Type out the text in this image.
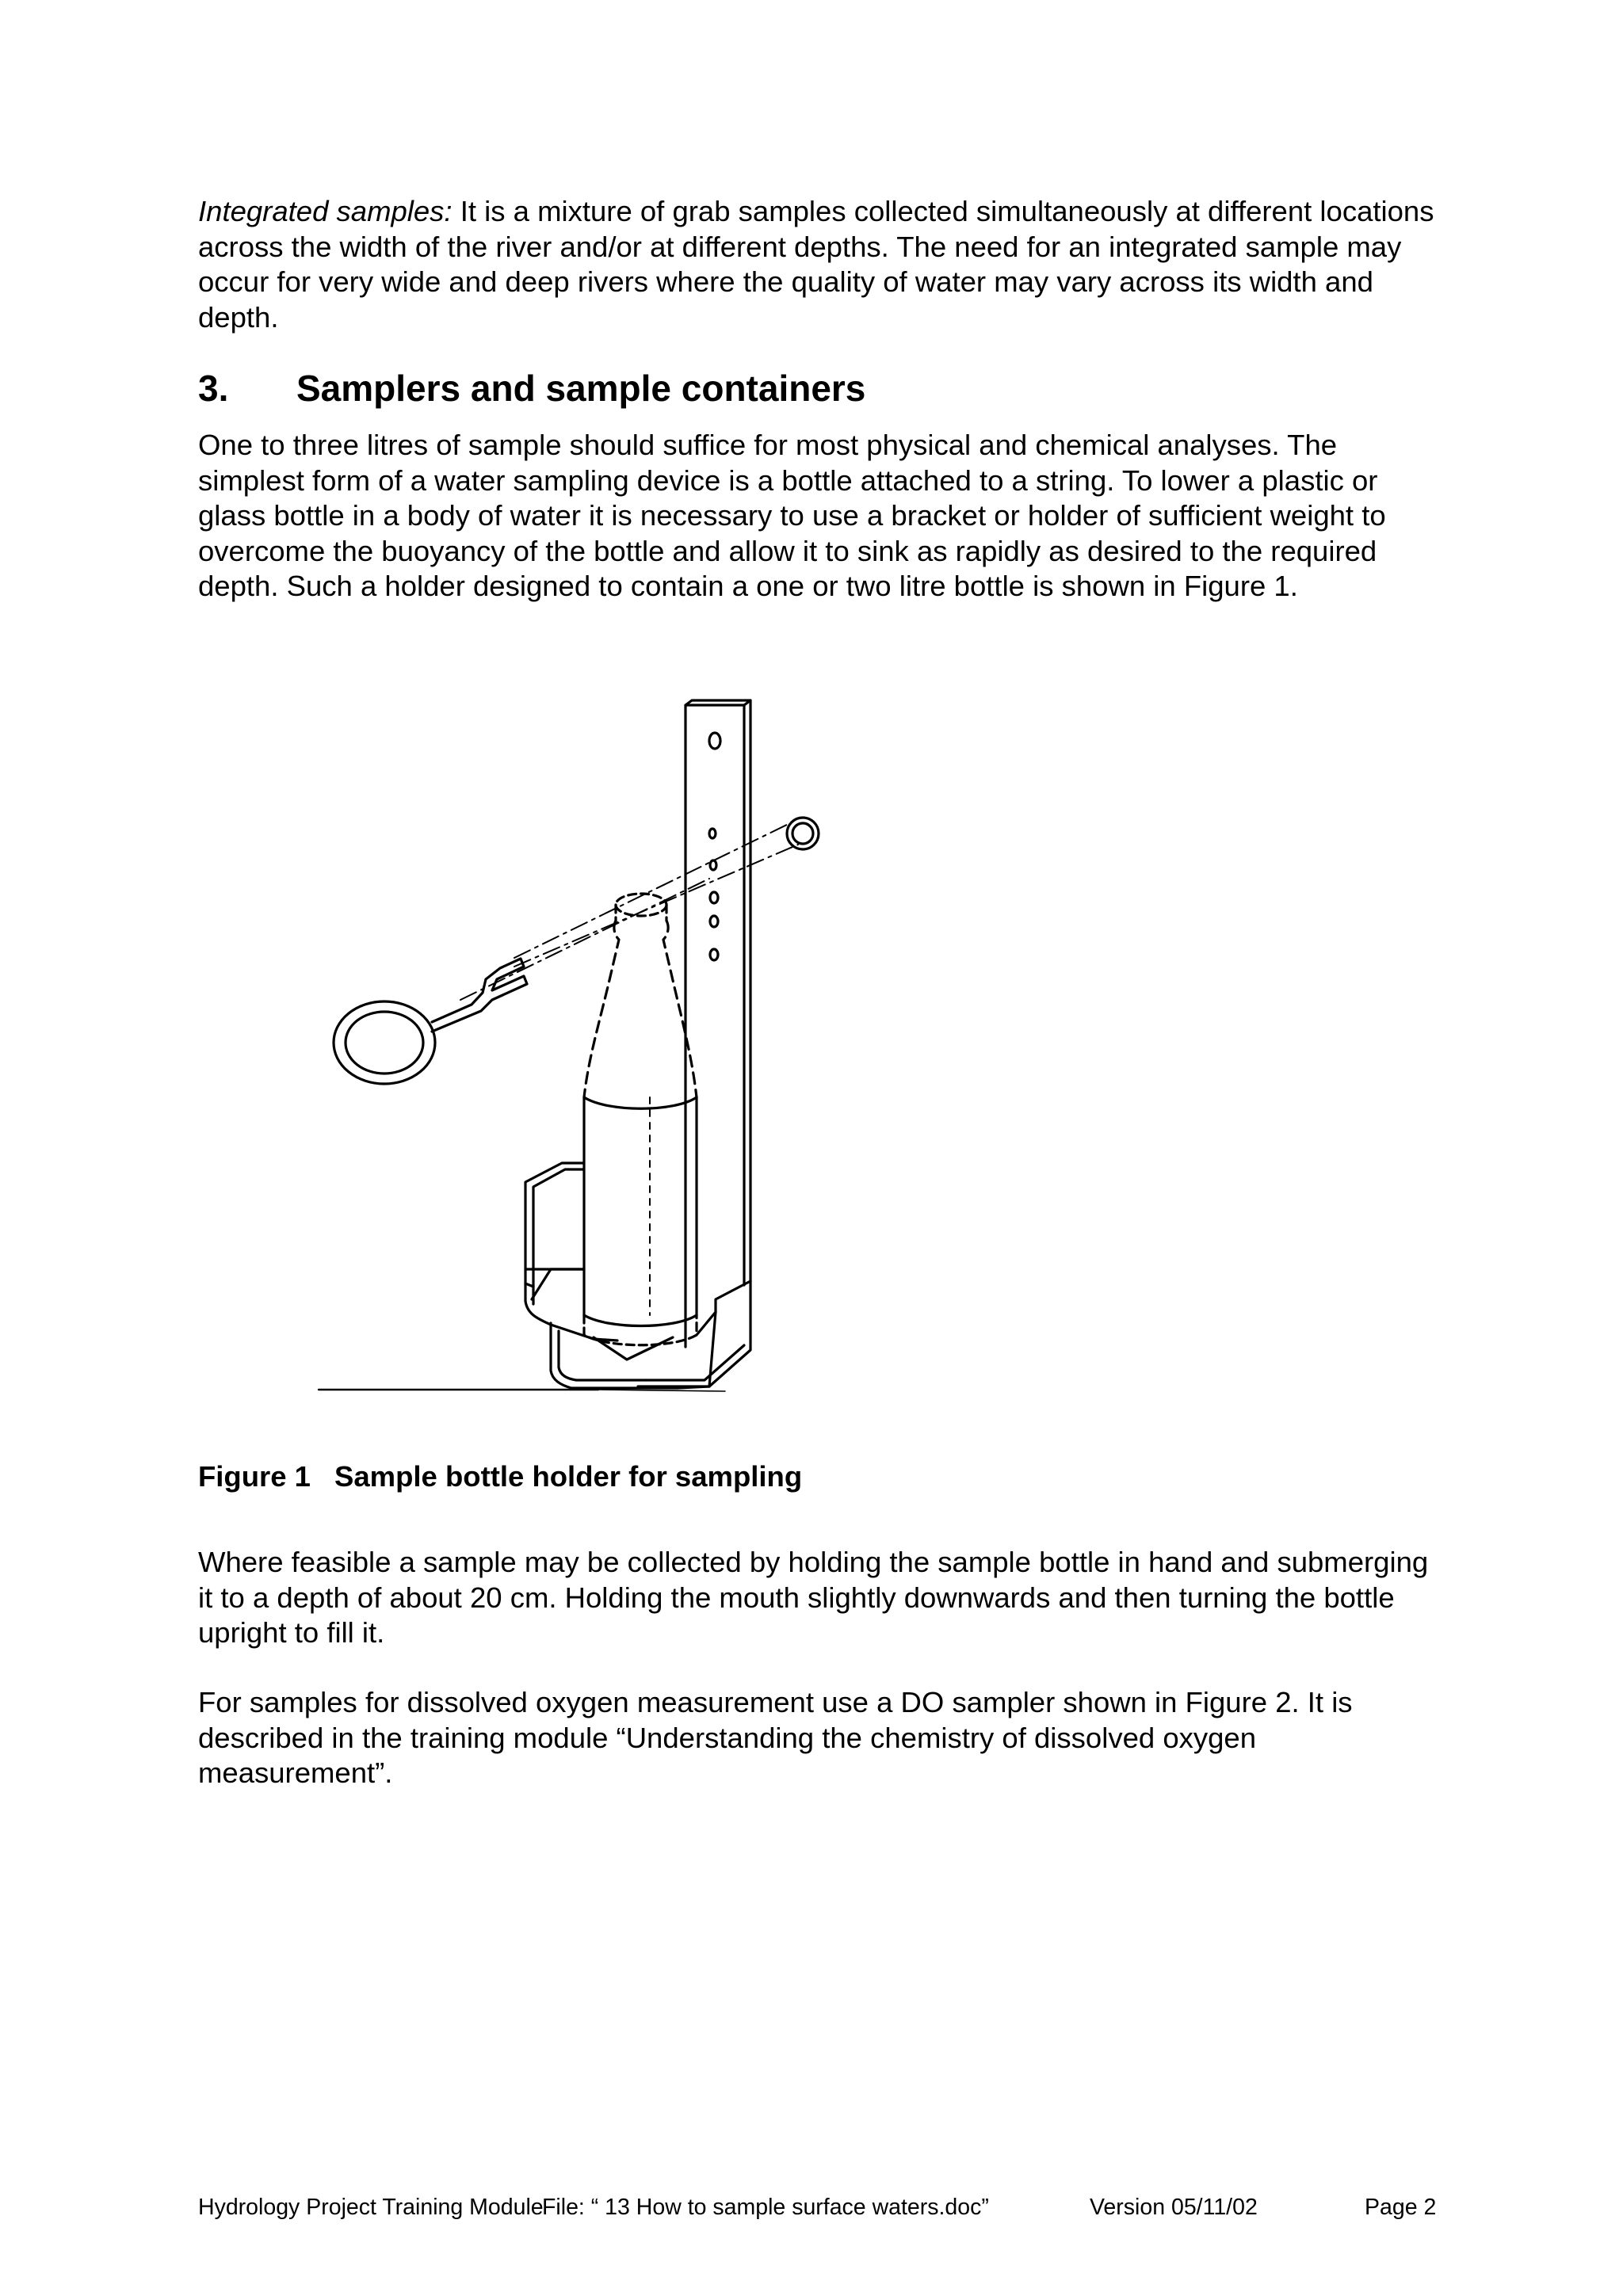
Integrated samples: It is a mixture of grab samples collected simultaneously at different locations across the width of the river and/or at different depths. The need for an integrated sample may occur for very wide and deep rivers where the quality of water may vary across its width and depth.

3. Samplers and sample containers

One to three litres of sample should suffice for most physical and chemical analyses. The simplest form of a water sampling device is a bottle attached to a string. To lower a plastic or glass bottle in a body of water it is necessary to use a bracket or holder of sufficient weight to overcome the buoyancy of the bottle and allow it to sink as rapidly as desired to the required depth. Such a holder designed to contain a one or two litre bottle is shown in Figure 1.

Figure 1 Sample bottle holder for sampling

Where feasible a sample may be collected by holding the sample bottle in hand and submerging it to a depth of about 20 cm. Holding the mouth slightly downwards and then turning the bottle upright to fill it.

For samples for dissolved oxygen measurement use a DO sampler shown in Figure 2. It is described in the training module “Understanding the chemistry of dissolved oxygen measurement”.

Hydrology Project Training Module
File: “ 13 How to sample surface waters.doc”	Version 05/11/02	Page 2
